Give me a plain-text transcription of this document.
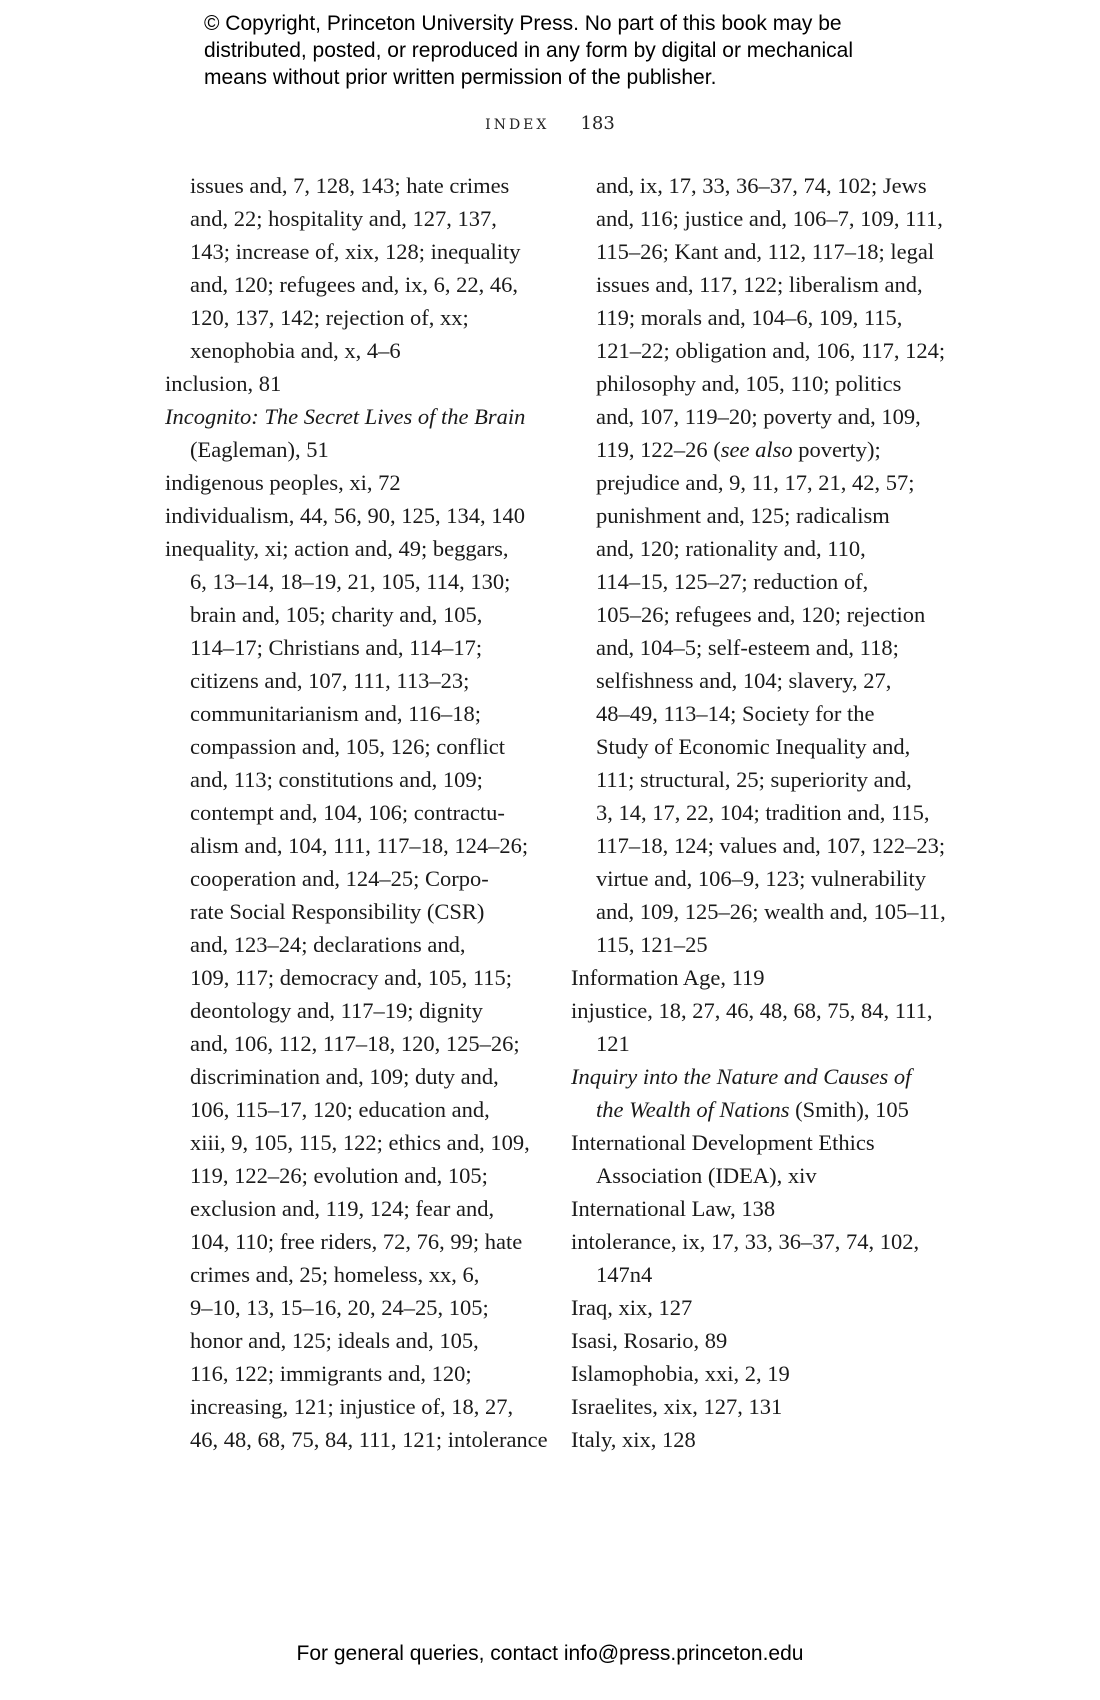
© Copyright, Princeton University Press. No part of this book may be
distributed, posted, or reproduced in any form by digital or mechanical
means without prior written permission of the publisher.
INDEX 183
issues and, 7, 128, 143; hate crimes
and, 22; hospitality and, 127, 137,
143; increase of, xix, 128; inequality
and, 120; refugees and, ix, 6, 22, 46,
120, 137, 142; rejection of, xx;
xenophobia and, x, 4–6
inclusion, 81
Incognito: The Secret Lives of the Brain
(Eagleman), 51
indigenous peoples, xi, 72
individualism, 44, 56, 90, 125, 134, 140
inequality, xi; action and, 49; beggars,
6, 13–14, 18–19, 21, 105, 114, 130;
brain and, 105; charity and, 105,
114–17; Christians and, 114–17;
citizens and, 107, 111, 113–23;
communitarianism and, 116–18;
compassion and, 105, 126; conflict
and, 113; constitutions and, 109;
contempt and, 104, 106; contractu-
alism and, 104, 111, 117–18, 124–26;
cooperation and, 124–25; Corpo-
rate Social Responsibility (CSR)
and, 123–24; declarations and,
109, 117; democracy and, 105, 115;
deontology and, 117–19; dignity
and, 106, 112, 117–18, 120, 125–26;
discrimination and, 109; duty and,
106, 115–17, 120; education and,
xiii, 9, 105, 115, 122; ethics and, 109,
119, 122–26; evolution and, 105;
exclusion and, 119, 124; fear and,
104, 110; free riders, 72, 76, 99; hate
crimes and, 25; homeless, xx, 6,
9–10, 13, 15–16, 20, 24–25, 105;
honor and, 125; ideals and, 105,
116, 122; immigrants and, 120;
increasing, 121; injustice of, 18, 27,
46, 48, 68, 75, 84, 111, 121; intolerance
and, ix, 17, 33, 36–37, 74, 102; Jews
and, 116; justice and, 106–7, 109, 111,
115–26; Kant and, 112, 117–18; legal
issues and, 117, 122; liberalism and,
119; morals and, 104–6, 109, 115,
121–22; obligation and, 106, 117, 124;
philosophy and, 105, 110; politics
and, 107, 119–20; poverty and, 109,
119, 122–26 (see also poverty);
prejudice and, 9, 11, 17, 21, 42, 57;
punishment and, 125; radicalism
and, 120; rationality and, 110,
114–15, 125–27; reduction of,
105–26; refugees and, 120; rejection
and, 104–5; self-esteem and, 118;
selfishness and, 104; slavery, 27,
48–49, 113–14; Society for the
Study of Economic Inequality and,
111; structural, 25; superiority and,
3, 14, 17, 22, 104; tradition and, 115,
117–18, 124; values and, 107, 122–23;
virtue and, 106–9, 123; vulnerability
and, 109, 125–26; wealth and, 105–11,
115, 121–25
Information Age, 119
injustice, 18, 27, 46, 48, 68, 75, 84, 111,
121
Inquiry into the Nature and Causes of
the Wealth of Nations (Smith), 105
International Development Ethics
Association (IDEA), xiv
International Law, 138
intolerance, ix, 17, 33, 36–37, 74, 102,
147n4
Iraq, xix, 127
Isasi, Rosario, 89
Islamophobia, xxi, 2, 19
Israelites, xix, 127, 131
Italy, xix, 128
For general queries, contact info@press.princeton.edu
